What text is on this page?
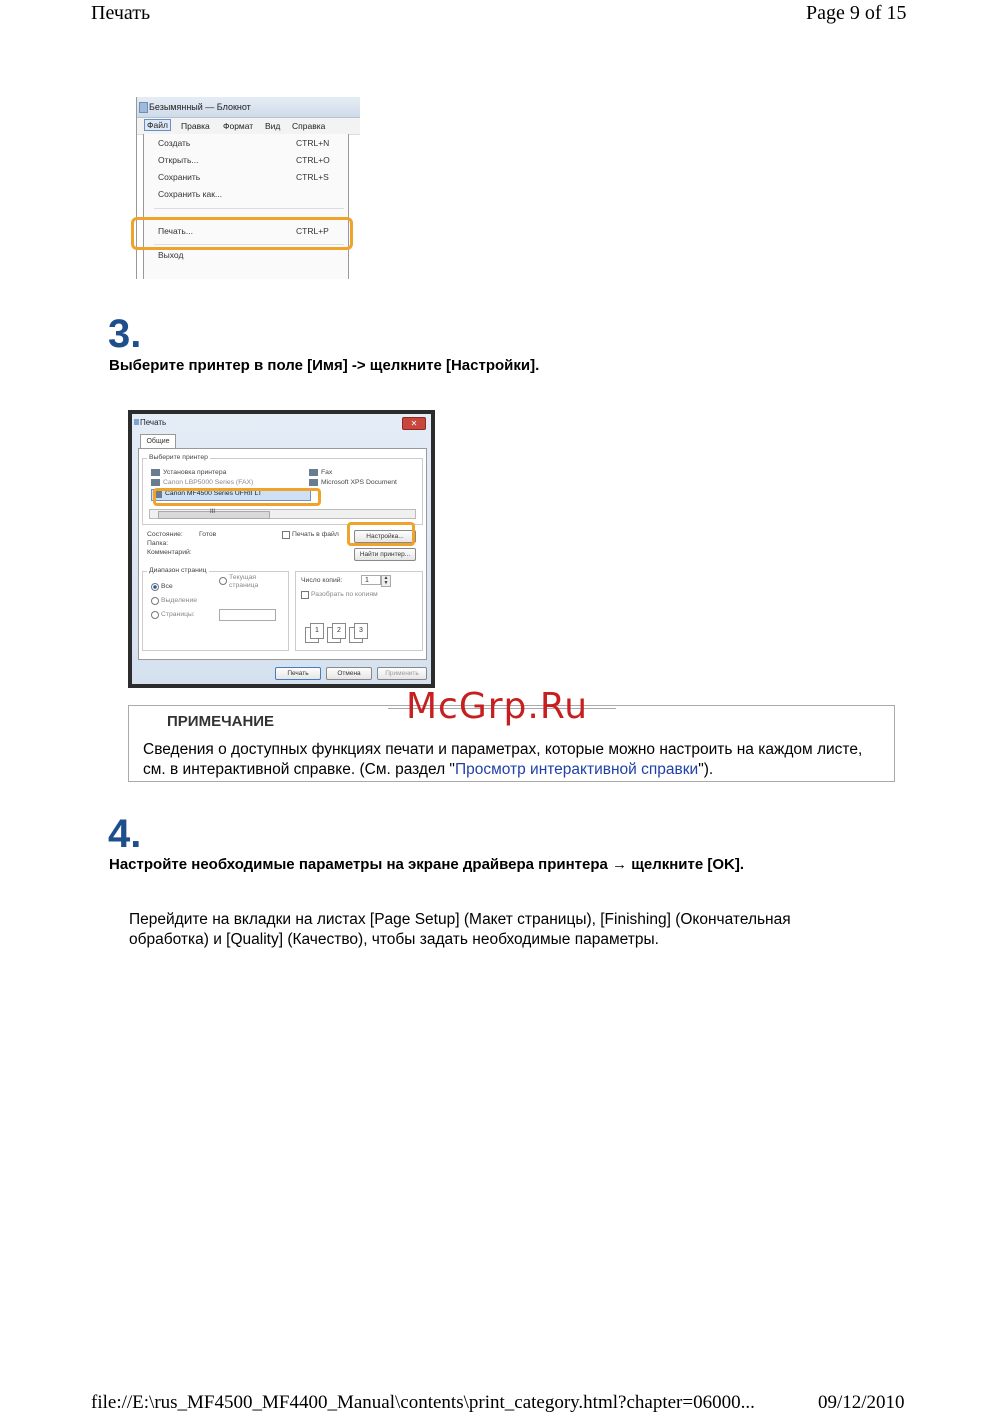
Печать	Page 9 of 15
Безымянный — Блокнот
Файл	Правка Формат Вид Справка
Создать	CTRL+N
Открыть...	CTRL+O
Сохранить	CTRL+S
Сохранить как...
Печать...	CTRL+P
Выход
3.
Выберите принтер в поле [Имя] -> щелкните [Настройки].
Печать	✕
Общие
Выберите принтер
Установка принтера
Canon LBP5000 Series (FAX)
Canon MF4500 Series UFRII LT
Fax
Microsoft XPS Document
III
Состояние: Готов
Папка:
Комментарий:
Печать в файл	Настройка...
Найти принтер...
Диапазон страниц
Все
Текущая страница
Выделение
Страницы:
Число копий:	1	▲
▼
Разобрать по копиям
1	2	3
Печать	Отмена	Применить
ПРИМЕЧАНИЕ
Сведения о доступных функциях печати и параметрах, которые можно настроить на каждом листе,
см. в интерактивной справке. (См. раздел "Просмотр интерактивной справки").
McGrp.Ru
4.
Настройте необходимые параметры на экране драйвера принтера → щелкните [OK].
Перейдите на вкладки на листах [Page Setup] (Макет страницы), [Finishing] (Окончательная
обработка) и [Quality] (Качество), чтобы задать необходимые параметры.
file://E:\rus_MF4500_MF4400_Manual\contents\print_category.html?chapter=06000...	09/12/2010
